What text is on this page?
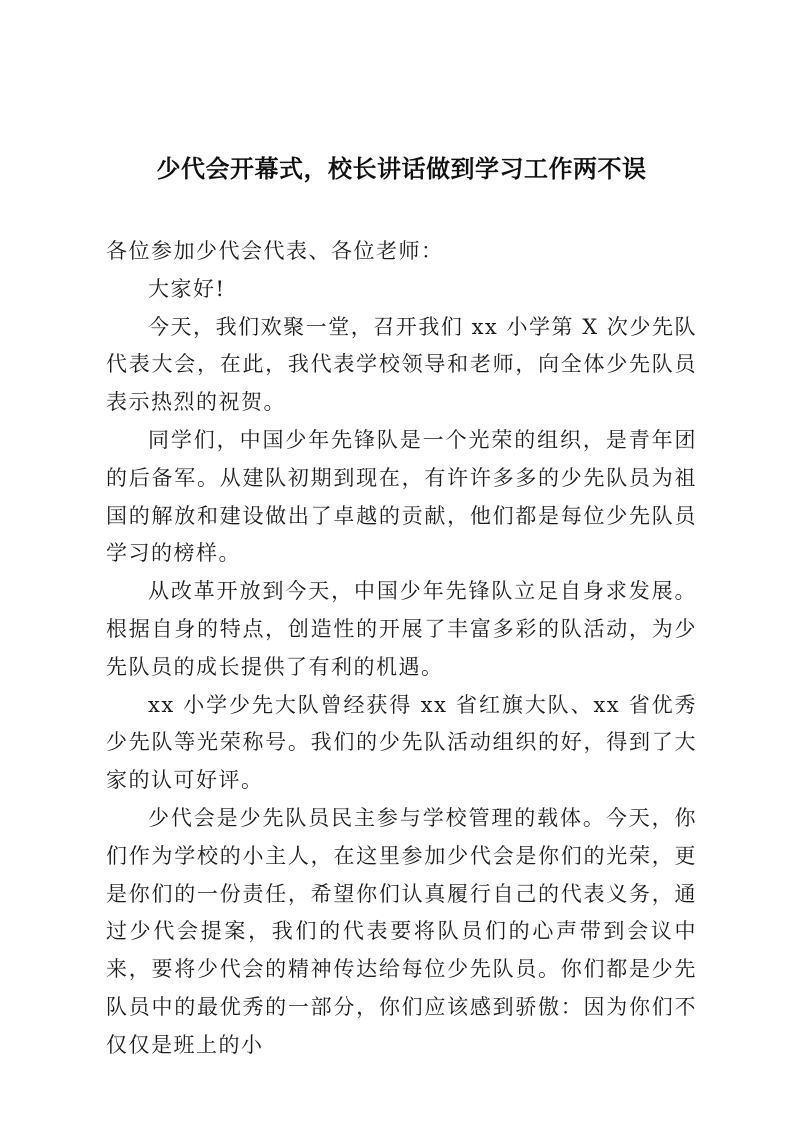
少代会开幕式，校长讲话做到学习工作两不误

各位参加少代会代表、各位老师：

大家好!

今天，我们欢聚一堂，召开我们 xx 小学第 X 次少先队代表大会，在此，我代表学校领导和老师，向全体少先队员表示热烈的祝贺。

同学们，中国少年先锋队是一个光荣的组织，是青年团的后备军。从建队初期到现在，有许许多多的少先队员为祖国的解放和建设做出了卓越的贡献，他们都是每位少先队员学习的榜样。

从改革开放到今天，中国少年先锋队立足自身求发展。根据自身的特点，创造性的开展了丰富多彩的队活动，为少先队员的成长提供了有利的机遇。

xx 小学少先大队曾经获得 xx 省红旗大队、xx 省优秀少先队等光荣称号。我们的少先队活动组织的好，得到了大家的认可好评。

少代会是少先队员民主参与学校管理的载体。今天，你们作为学校的小主人，在这里参加少代会是你们的光荣，更是你们的一份责任，希望你们认真履行自己的代表义务，通过少代会提案，我们的代表要将队员们的心声带到会议中来，要将少代会的精神传达给每位少先队员。你们都是少先队员中的最优秀的一部分，你们应该感到骄傲：因为你们不仅仅是班上的小
